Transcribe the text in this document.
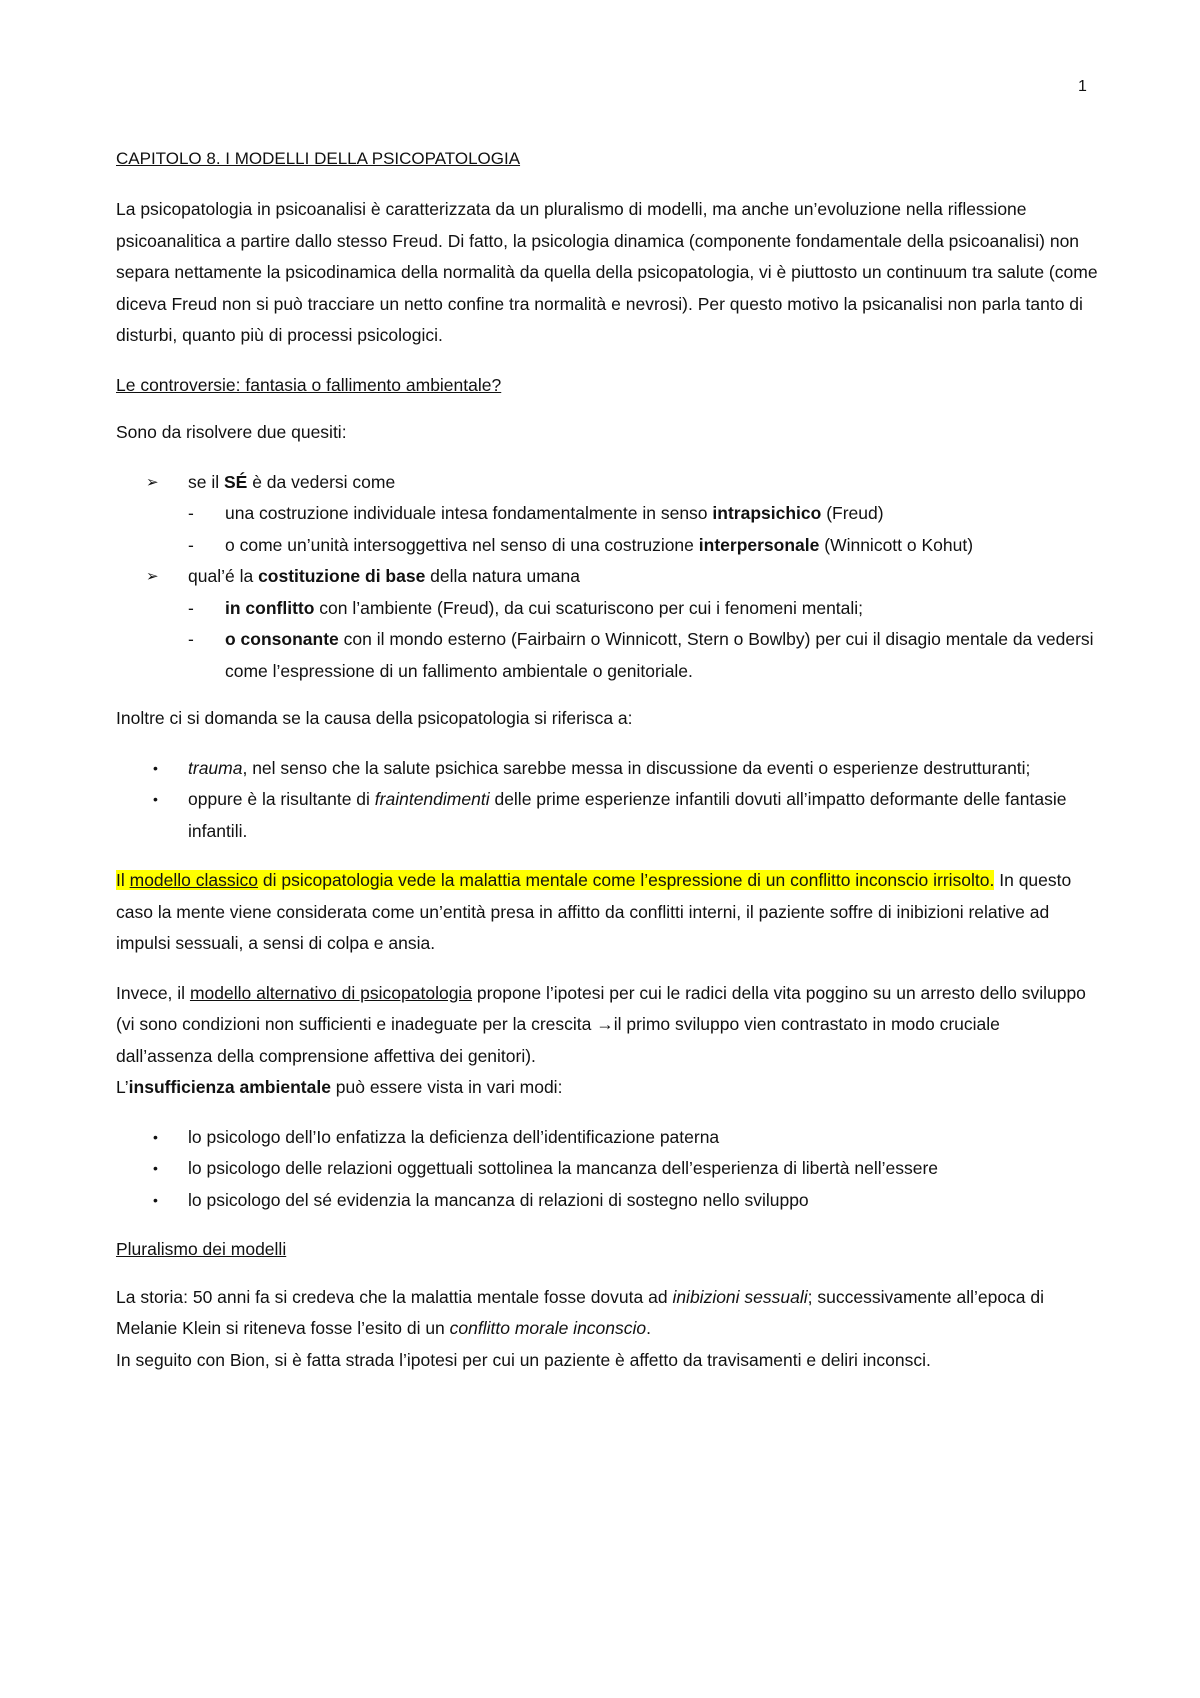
1
CAPITOLO 8. I MODELLI DELLA PSICOPATOLOGIA

La psicopatologia in psicoanalisi è caratterizzata da un pluralismo di modelli, ma anche un’evoluzione nella riflessione psicoanalitica a partire dallo stesso Freud. Di fatto, la psicologia dinamica (componente fondamentale della psicoanalisi) non separa nettamente la psicodinamica della normalità da quella della psicopatologia, vi è piuttosto un continuum tra salute (come diceva Freud non si può tracciare un netto confine tra normalità e nevrosi). Per questo motivo la psicanalisi non parla tanto di disturbi, quanto più di processi psicologici.

Le controversie: fantasia o fallimento ambientale?

Sono da risolvere due quesiti:

➢ se il SÉ è da vedersi come
- una costruzione individuale intesa fondamentalmente in senso intrapsichico (Freud)
- o come un’unità intersoggettiva nel senso di una costruzione interpersonale (Winnicott o Kohut)
➢ qual’é la costituzione di base della natura umana
- in conflitto con l’ambiente (Freud), da cui scaturiscono per cui i fenomeni mentali;
- o consonante con il mondo esterno (Fairbairn o Winnicott, Stern o Bowlby) per cui il disagio mentale da vedersi come l’espressione di un fallimento ambientale o genitoriale.

Inoltre ci si domanda se la causa della psicopatologia si riferisca a:

• trauma, nel senso che la salute psichica sarebbe messa in discussione da eventi o esperienze destrutturanti;
• oppure è la risultante di fraintendimenti delle prime esperienze infantili dovuti all’impatto deformante delle fantasie infantili.

Il modello classico di psicopatologia vede la malattia mentale come l’espressione di un conflitto inconscio irrisolto. In questo caso la mente viene considerata come un’entità presa in affitto da conflitti interni, il paziente soffre di inibizioni relative ad impulsi sessuali, a sensi di colpa e ansia.

Invece, il modello alternativo di psicopatologia propone l’ipotesi per cui le radici della vita poggino su un arresto dello sviluppo (vi sono condizioni non sufficienti e inadeguate per la crescita →il primo sviluppo vien contrastato in modo cruciale dall’assenza della comprensione affettiva dei genitori).

L’insufficienza ambientale può essere vista in vari modi:

• lo psicologo dell’Io enfatizza la deficienza dell’identificazione paterna
• lo psicologo delle relazioni oggettuali sottolinea la mancanza dell’esperienza di libertà nell’essere
• lo psicologo del sé evidenzia la mancanza di relazioni di sostegno nello sviluppo

Pluralismo dei modelli

La storia: 50 anni fa si credeva che la malattia mentale fosse dovuta ad inibizioni sessuali; successivamente all’epoca di Melanie Klein si riteneva fosse l’esito di un conflitto morale inconscio.

In seguito con Bion, si è fatta strada l’ipotesi per cui un paziente è affetto da travisamenti e deliri inconsci.
